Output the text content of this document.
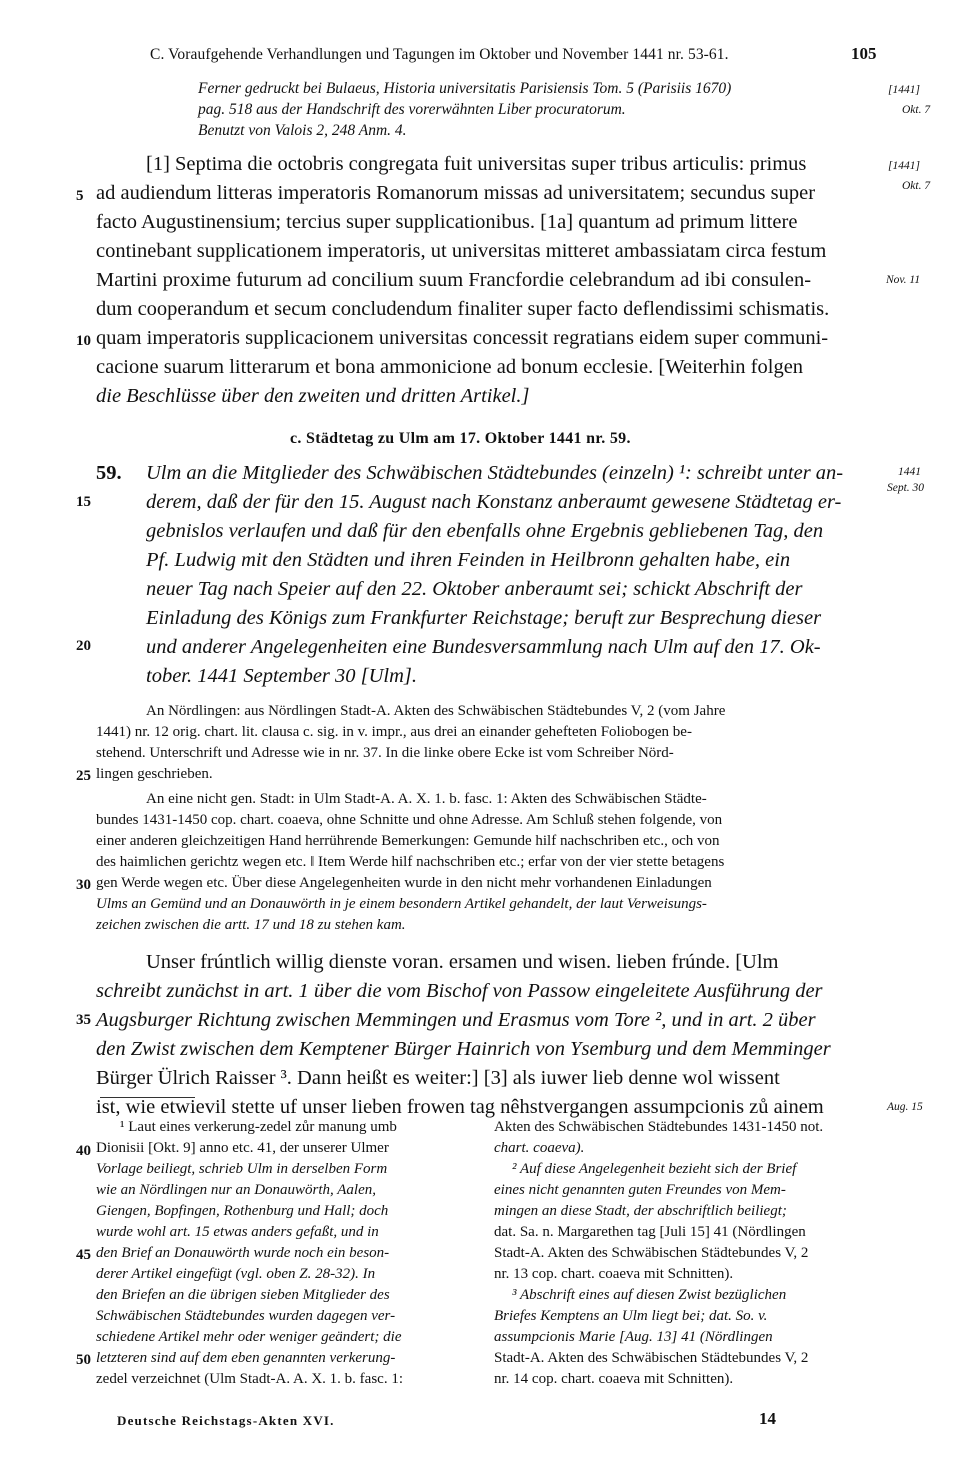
C. Voraufgehende Verhandlungen und Tagungen im Oktober und November 1441 nr. 53-61.	105
Ferner gedruckt bei Bulaeus, Historia universitatis Parisiensis Tom. 5 (Parisiis 1670)
pag. 518 aus der Handschrift des vorerwähnten Liber procuratorum.
Benutzt von Valois 2, 248 Anm. 4.
[1] Septima die octobris congregata fuit universitas super tribus articulis: primus
ad audiendum litteras imperatoris Romanorum missas ad universitatem; secundus super
facto Augustinensium; tercius super supplicationibus. [1a] quantum ad primum littere
continebant supplicationem imperatoris, ut universitas mitteret ambassiatam circa festum
Martini proxime futurum ad concilium suum Francfordie celebrandum ad ibi consulen-
dum cooperandum et secum concludendum finaliter super facto deflendissimi schismatis.
quam imperatoris supplicacionem universitas concessit regratians eidem super communi-
cacione suarum litterarum et bona ammonicione ad bonum ecclesie. [Weiterhin folgen
die Beschlüsse über den zweiten und dritten Artikel.]
c. Städtetag zu Ulm am 17. Oktober 1441 nr. 59.
59. Ulm an die Mitglieder des Schwäbischen Städtebundes (einzeln) ¹: schreibt unter an-
derem, daß der für den 15. August nach Konstanz anberaumt gewesene Städtetag er-
gebnislos verlaufen und daß für den ebenfalls ohne Ergebnis gebliebenen Tag, den
Pf. Ludwig mit den Städten und ihren Feinden in Heilbronn gehalten habe, ein
neuer Tag nach Speier auf den 22. Oktober anberaumt sei; schickt Abschrift der
Einladung des Königs zum Frankfurter Reichstage; beruft zur Besprechung dieser
und anderer Angelegenheiten eine Bundesversammlung nach Ulm auf den 17. Ok-
tober. 1441 September 30 [Ulm].
An Nördlingen: aus Nördlingen Stadt-A. Akten des Schwäbischen Städtebundes V, 2 (vom Jahre
1441) nr. 12 orig. chart. lit. clausa c. sig. in v. impr., aus drei an einander gehefteten Foliobogen be-
stehend. Unterschrift und Adresse wie in nr. 37. In die linke obere Ecke ist vom Schreiber Nörd-
lingen geschrieben.
An eine nicht gen. Stadt: in Ulm Stadt-A. A. X. 1. b. fasc. 1: Akten des Schwäbischen Städte-
bundes 1431-1450 cop. chart. coaeva, ohne Schnitte und ohne Adresse. Am Schluß stehen folgende, von
einer anderen gleichzeitigen Hand herrührende Bemerkungen: Gemunde hilf nachschriben etc., och von
des haimlichen gerichtz wegen etc. ‖ Item Werde hilf nachschriben etc.; erfar von der vier stette betagens
gen Werde wegen etc. Über diese Angelegenheiten wurde in den nicht mehr vorhandenen Einladungen
Ulms an Gemünd und an Donauwörth in je einem besondern Artikel gehandelt, der laut Verweisungs-
zeichen zwischen die artt. 17 und 18 zu stehen kam.
Unser frúntlich willig dienste voran. ersamen und wisen. lieben frúnde. [Ulm
schreibt zunächst in art. 1 über die vom Bischof von Passow eingeleitete Ausführung der
Augsburger Richtung zwischen Memmingen und Erasmus vom Tore ², und in art. 2 über
den Zwist zwischen dem Kemptener Bürger Hainrich von Ysemburg und dem Memminger
Bürger Ülrich Raisser ³. Dann heißt es weiter:] [3] als iuwer lieb denne wol wissent
ist, wie etwievil stette uf unser lieben frowen tag nêhstvergangen assumpcionis zů ainem
5
10
15
20
25
30
35
40
45
50
[1441]
Okt. 7
[1441]
Okt. 7
Nov. 11
1441
Sept. 30
Aug. 15
¹ Laut eines verkerung-zedel zůr manung umb
Dionisii [Okt. 9] anno etc. 41, der unserer Ulmer
Vorlage beiliegt, schrieb Ulm in derselben Form
wie an Nördlingen nur an Donauwörth, Aalen,
Giengen, Bopfingen, Rothenburg und Hall; doch
wurde wohl art. 15 etwas anders gefaßt, und in
den Brief an Donauwörth wurde noch ein beson-
derer Artikel eingefügt (vgl. oben Z. 28-32). In
den Briefen an die übrigen sieben Mitglieder des
Schwäbischen Städtebundes wurden dagegen ver-
schiedene Artikel mehr oder weniger geändert; die
letzteren sind auf dem eben genannten verkerung-
zedel verzeichnet (Ulm Stadt-A. A. X. 1. b. fasc. 1:
Akten des Schwäbischen Städtebundes 1431-1450 not.
chart. coaeva).
² Auf diese Angelegenheit bezieht sich der Brief
eines nicht genannten guten Freundes von Mem-
mingen an diese Stadt, der abschriftlich beiliegt;
dat. Sa. n. Margarethen tag [Juli 15] 41 (Nördlingen
Stadt-A. Akten des Schwäbischen Städtebundes V, 2
nr. 13 cop. chart. coaeva mit Schnitten).
³ Abschrift eines auf diesen Zwist bezüglichen
Briefes Kemptens an Ulm liegt bei; dat. So. v.
assumpcionis Marie [Aug. 13] 41 (Nördlingen
Stadt-A. Akten des Schwäbischen Städtebundes V, 2
nr. 14 cop. chart. coaeva mit Schnitten).
Deutsche Reichstags-Akten XVI.	14
